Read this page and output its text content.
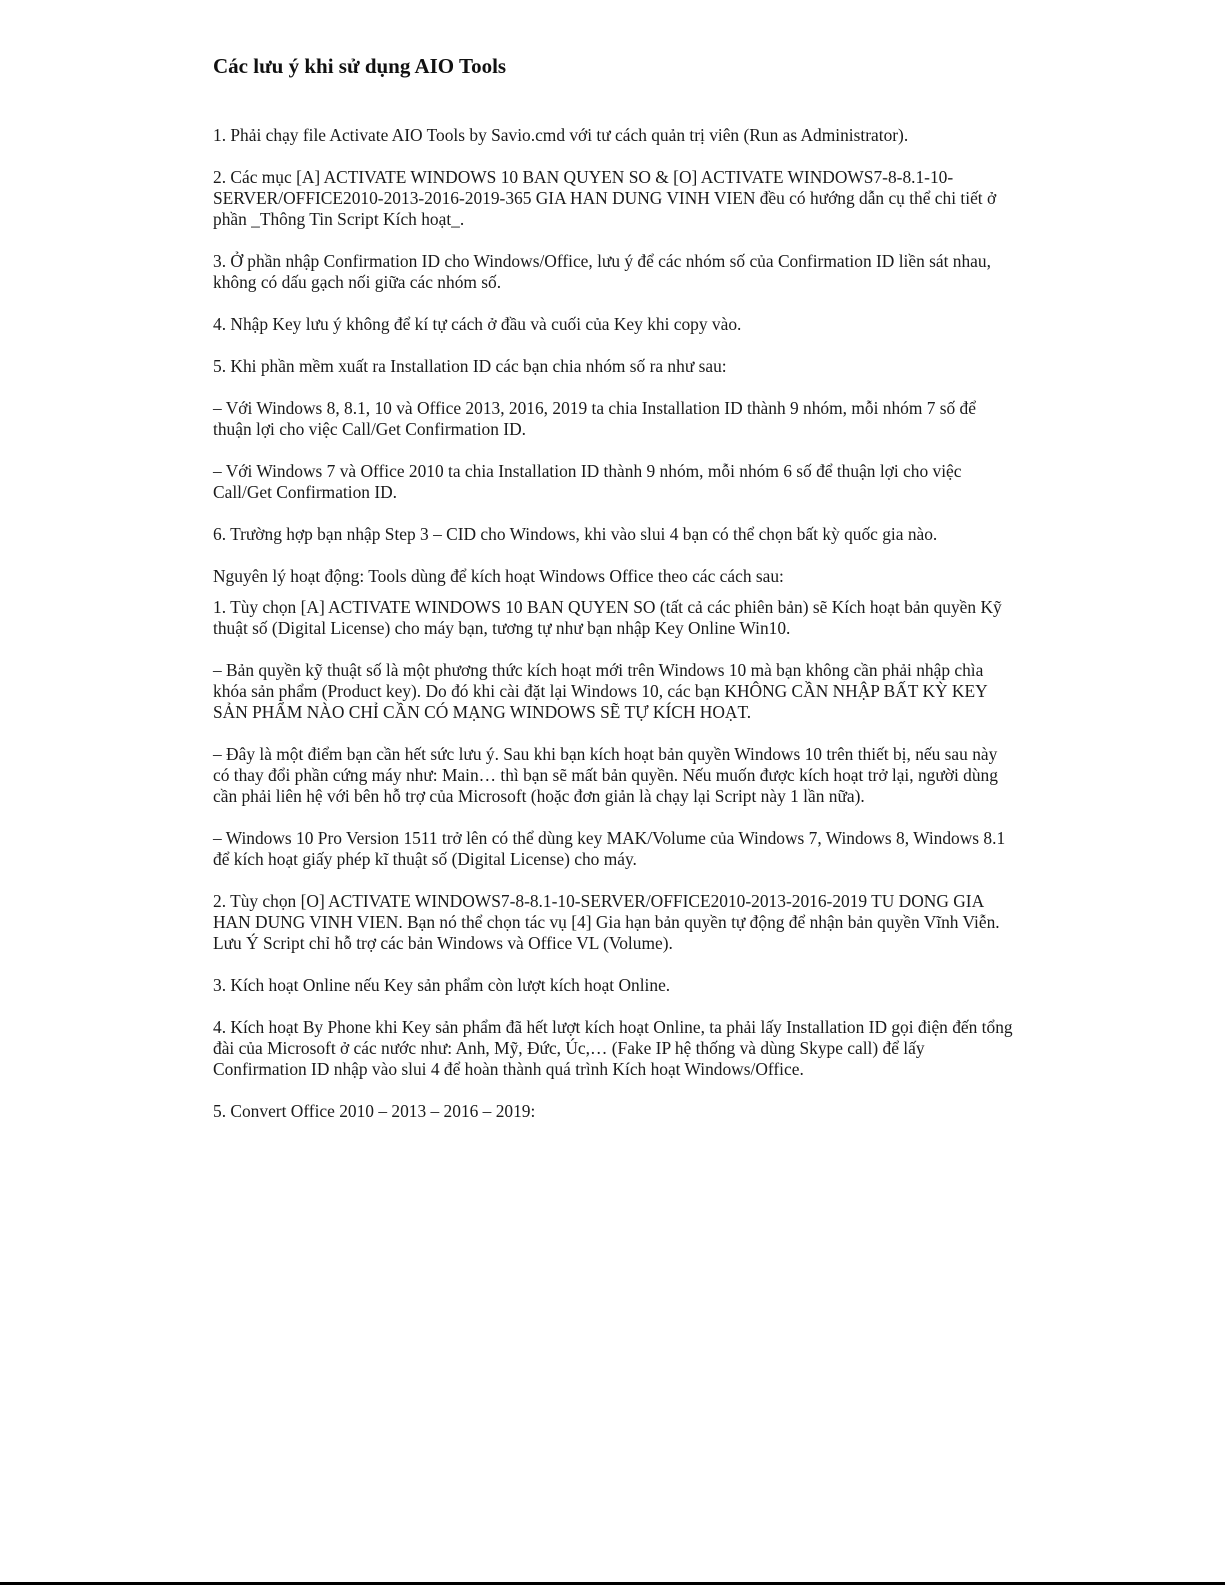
Các lưu ý khi sử dụng AIO Tools

1. Phải chạy file Activate AIO Tools by Savio.cmd với tư cách quản trị viên (Run as Administrator).

2. Các mục [A] ACTIVATE WINDOWS 10 BAN QUYEN SO & [O] ACTIVATE WINDOWS7-8-8.1-10-SERVER/OFFICE2010-2013-2016-2019-365 GIA HAN DUNG VINH VIEN đều có hướng dẫn cụ thể chi tiết ở phần _Thông Tin Script Kích hoạt_.

3. Ở phần nhập Confirmation ID cho Windows/Office, lưu ý để các nhóm số của Confirmation ID liền sát nhau, không có dấu gạch nối giữa các nhóm số.

4. Nhập Key lưu ý không để kí tự cách ở đầu và cuối của Key khi copy vào.

5. Khi phần mềm xuất ra Installation ID các bạn chia nhóm số ra như sau:

– Với Windows 8, 8.1, 10 và Office 2013, 2016, 2019 ta chia Installation ID thành 9 nhóm, mỗi nhóm 7 số để thuận lợi cho việc Call/Get Confirmation ID.

– Với Windows 7 và Office 2010 ta chia Installation ID thành 9 nhóm, mỗi nhóm 6 số để thuận lợi cho việc Call/Get Confirmation ID.

6. Trường hợp bạn nhập Step 3 – CID cho Windows, khi vào slui 4 bạn có thể chọn bất kỳ quốc gia nào.

Nguyên lý hoạt động: Tools dùng để kích hoạt Windows Office theo các cách sau:

1. Tùy chọn [A] ACTIVATE WINDOWS 10 BAN QUYEN SO (tất cả các phiên bản) sẽ Kích hoạt bản quyền Kỹ thuật số (Digital License) cho máy bạn, tương tự như bạn nhập Key Online Win10.

– Bản quyền kỹ thuật số là một phương thức kích hoạt mới trên Windows 10 mà bạn không cần phải nhập chìa khóa sản phẩm (Product key). Do đó khi cài đặt lại Windows 10, các bạn KHÔNG CẦN NHẬP BẤT KỲ KEY SẢN PHẨM NÀO CHỈ CẦN CÓ MẠNG WINDOWS SẼ TỰ KÍCH HOẠT.

– Đây là một điểm bạn cần hết sức lưu ý. Sau khi bạn kích hoạt bản quyền Windows 10 trên thiết bị, nếu sau này có thay đổi phần cứng máy như: Main… thì bạn sẽ mất bản quyền. Nếu muốn được kích hoạt trở lại, người dùng cần phải liên hệ với bên hỗ trợ của Microsoft (hoặc đơn giản là chạy lại Script này 1 lần nữa).

– Windows 10 Pro Version 1511 trở lên có thể dùng key MAK/Volume của Windows 7, Windows 8, Windows 8.1 để kích hoạt giấy phép kĩ thuật số (Digital License) cho máy.

2. Tùy chọn [O] ACTIVATE WINDOWS7-8-8.1-10-SERVER/OFFICE2010-2013-2016-2019 TU DONG GIA HAN DUNG VINH VIEN. Bạn nó thể chọn tác vụ [4] Gia hạn bản quyền tự động để nhận bản quyền Vĩnh Viễn. Lưu Ý Script chỉ hỗ trợ các bản Windows và Office VL (Volume).

3. Kích hoạt Online nếu Key sản phẩm còn lượt kích hoạt Online.

4. Kích hoạt By Phone khi Key sản phẩm đã hết lượt kích hoạt Online, ta phải lấy Installation ID gọi điện đến tổng đài của Microsoft ở các nước như: Anh, Mỹ, Đức, Úc,… (Fake IP hệ thống và dùng Skype call) để lấy Confirmation ID nhập vào slui 4 để hoàn thành quá trình Kích hoạt Windows/Office.

5. Convert Office 2010 – 2013 – 2016 – 2019:
